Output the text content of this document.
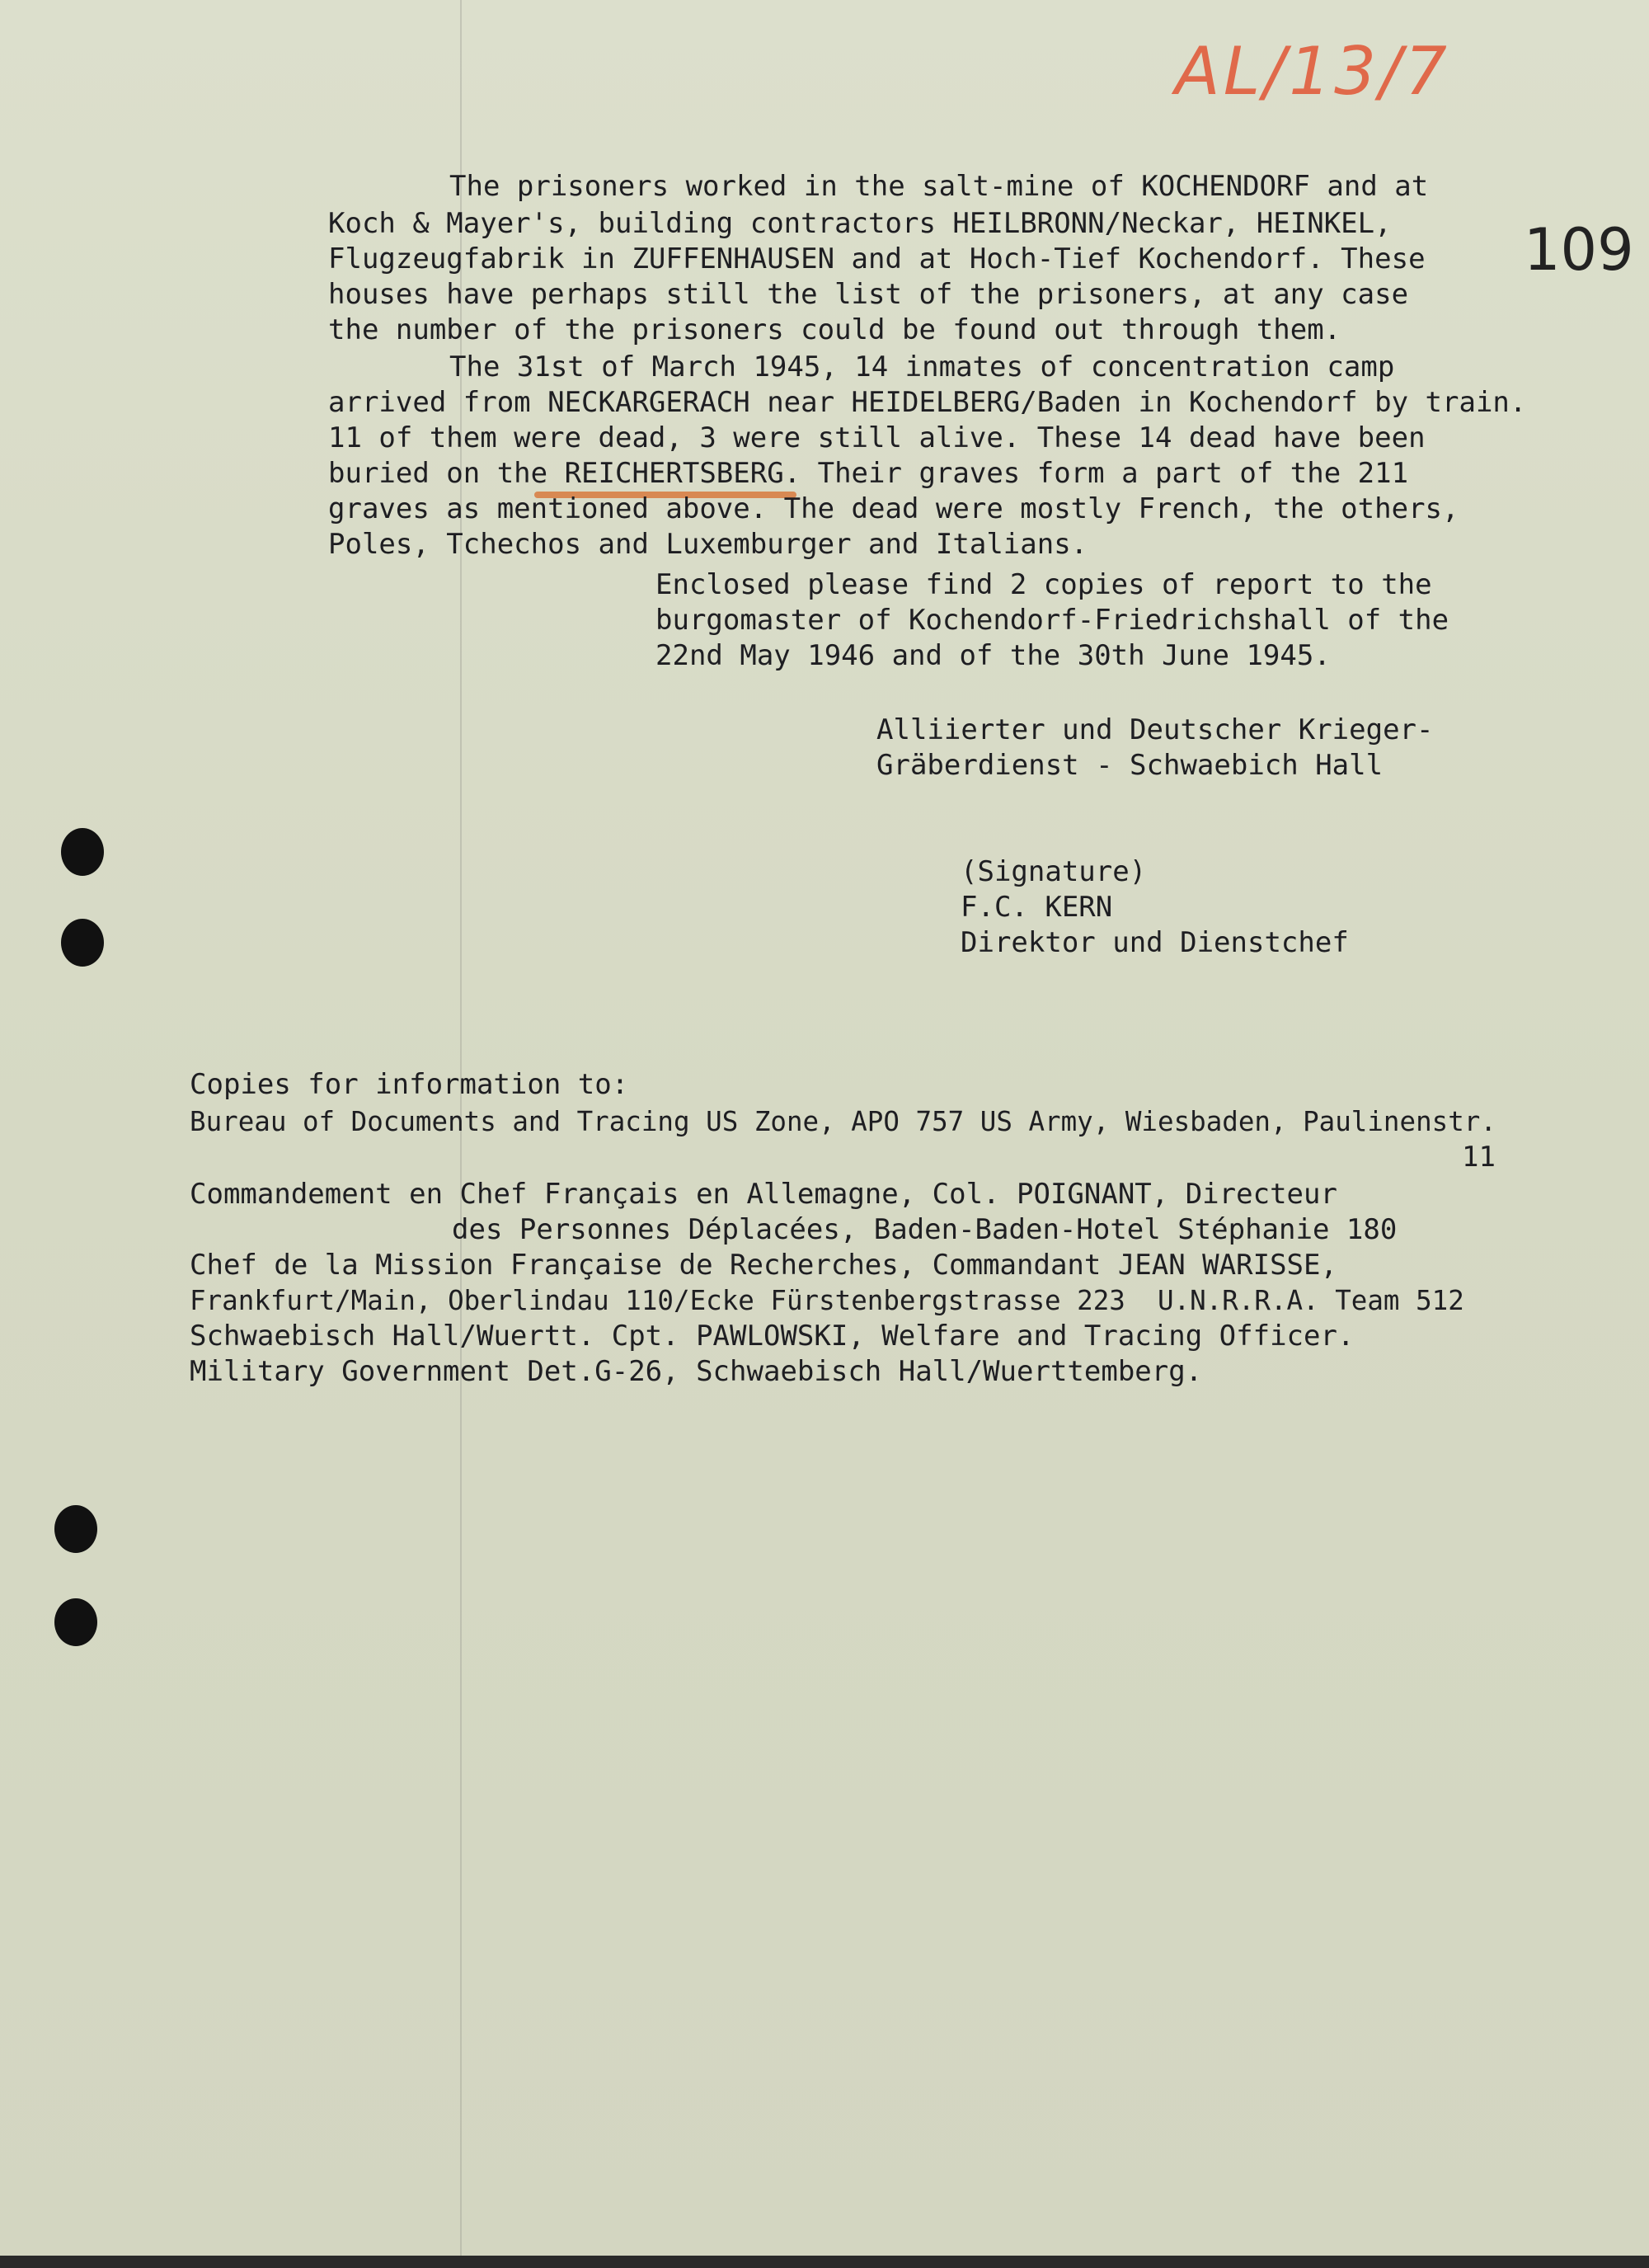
AL/13/7
109
The prisoners worked in the salt-mine of KOCHENDORF and at
Koch & Mayer's, building contractors HEILBRONN/Neckar, HEINKEL,
Flugzeugfabrik in ZUFFENHAUSEN and at Hoch-Tief Kochendorf. These
houses have perhaps still the list of the prisoners, at any case
the number of the prisoners could be found out through them.
The 31st of March 1945, 14 inmates of concentration camp
arrived from NECKARGERACH near HEIDELBERG/Baden in Kochendorf by train.
11 of them were dead, 3 were still alive. These 14 dead have been
buried on the REICHERTSBERG. Their graves form a part of the 211
graves as mentioned above. The dead were mostly French, the others,
Poles, Tchechos and Luxemburger and Italians.
Enclosed please find 2 copies of report to the
burgomaster of Kochendorf-Friedrichshall of the
22nd May 1946 and of the 30th June 1945.
Alliierter und Deutscher Krieger-
Gräberdienst - Schwaebich Hall
(Signature)
F.C. KERN
Direktor und Dienstchef
Copies for information to:
Bureau of Documents and Tracing US Zone, APO 757 US Army, Wiesbaden, Paulinenstr.
11
Commandement en Chef Français en Allemagne, Col. POIGNANT, Directeur
des Personnes Déplacées, Baden-Baden-Hotel Stéphanie 180
Chef de la Mission Française de Recherches, Commandant JEAN WARISSE,
Frankfurt/Main, Oberlindau 110/Ecke Fürstenbergstrasse 223  U.N.R.R.A. Team 512
Schwaebisch Hall/Wuertt. Cpt. PAWLOWSKI, Welfare and Tracing Officer.
Military Government Det.G-26, Schwaebisch Hall/Wuerttemberg.
